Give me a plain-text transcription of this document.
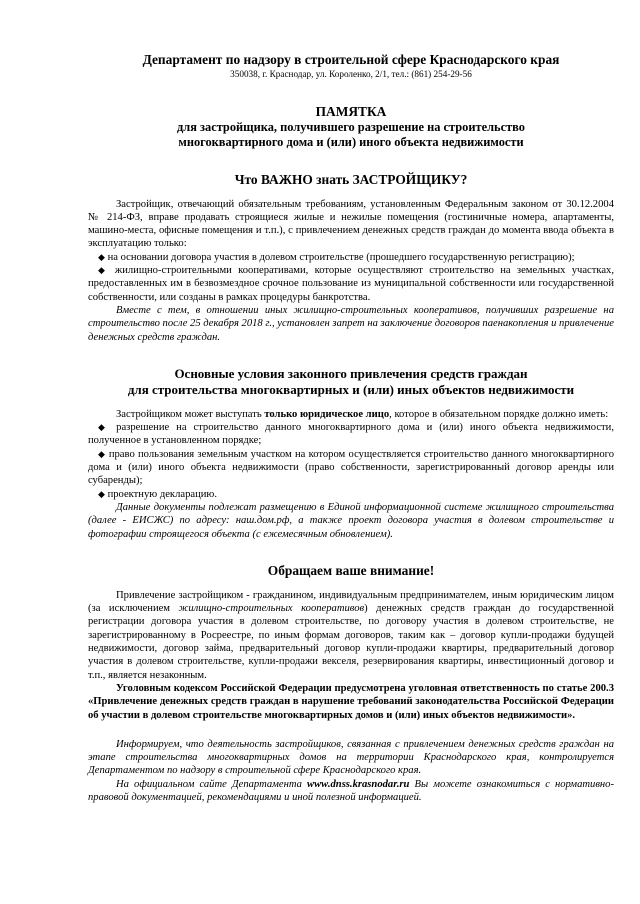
Департамент по надзору в строительной сфере Краснодарского края

350038, г. Краснодар, ул. Короленко, 2/1, тел.: (861) 254-29-56

ПАМЯТКА

для застройщика, получившего разрешение на строительство

многоквартирного дома и (или) иного объекта недвижимости

Что ВАЖНО знать ЗАСТРОЙЩИКУ?

Застройщик, отвечающий обязательным требованиям, установленным Федеральным законом от 30.12.2004 № 214-ФЗ, вправе продавать строящиеся жилые и нежилые помещения (гостиничные номера, апартаменты, машино-места, офисные помещения и т.п.), с привлечением денежных средств граждан до момента ввода объекта в эксплуатацию только:

◆ на основании договора участия в долевом строительстве (прошедшего государственную регистрацию);

◆ жилищно-строительными кооперативами, которые осуществляют строительство на земельных участках, предоставленных им в безвозмездное срочное пользование из муниципальной собственности или государственной собственности, или созданы в рамках процедуры банкротства.

Вместе с тем, в отношении иных жилищно-строительных кооперативов, получивших разрешение на строительство после 25 декабря 2018 г., установлен запрет на заключение договоров паенакопления и привлечение денежных средств граждан.

Основные условия законного привлечения средств граждан

для строительства многоквартирных и (или) иных объектов недвижимости

Застройщиком может выступать только юридическое лицо, которое в обязательном порядке должно иметь:

◆ разрешение на строительство данного многоквартирного дома и (или) иного объекта недвижимости, полученное в установленном порядке;

◆ право пользования земельным участком на котором осуществляется строительство данного многоквартирного дома и (или) иного объекта недвижимости (право собственности, зарегистрированный договор аренды или субаренды);

◆ проектную декларацию.

Данные документы подлежат размещению в Единой информационной системе жилищного строительства (далее - ЕИСЖС) по адресу: наш.дом.рф, а также проект договора участия в долевом строительстве и фотографии строящегося объекта (с ежемесячным обновлением).

Обращаем ваше внимание!

Привлечение застройщиком - гражданином, индивидуальным предпринимателем, иным юридическим лицом (за исключением жилищно-строительных кооперативов) денежных средств граждан до государственной регистрации договора участия в долевом строительстве, по договору участия в долевом строительстве, не зарегистрированному в Росреестре, по иным формам договоров, таким как – договор купли-продажи будущей недвижимости, договор займа, предварительный договор купли-продажи квартиры, предварительный договор участия в долевом строительстве, купли-продажи векселя, резервирования квартиры, инвестиционный договор и т.п., является незаконным.

Уголовным кодексом Российской Федерации предусмотрена уголовная ответственность по статье 200.3 «Привлечение денежных средств граждан в нарушение требований законодательства Российской Федерации об участии в долевом строительстве многоквартирных домов и (или) иных объектов недвижимости».

Информируем, что деятельность застройщиков, связанная с привлечением денежных средств граждан на этапе строительства многоквартирных домов на территории Краснодарского края, контролируется Департаментом по надзору в строительной сфере Краснодарского края.

На официальном сайте Департамента www.dnss.krasnodar.ru Вы можете ознакомиться с нормативно-правовой документацией, рекомендациями и иной полезной информацией.
